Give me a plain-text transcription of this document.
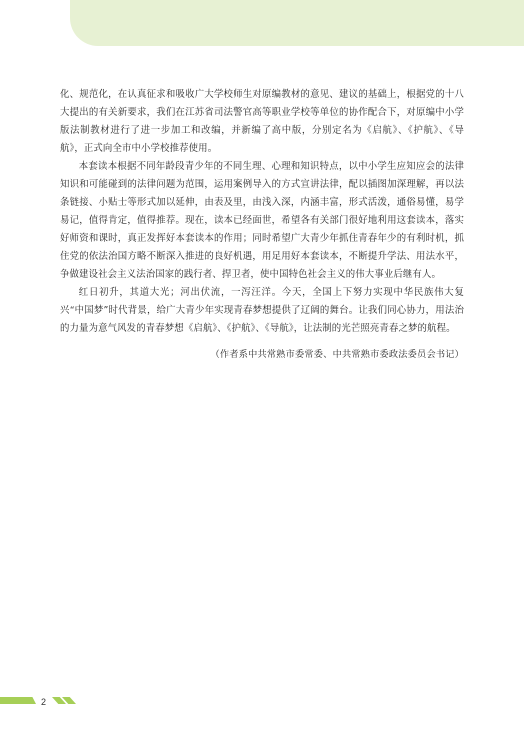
化、规范化，在认真征求和吸收广大学校师生对原编教材的意见、建议的基础上，根据党的十八大提出的有关新要求，我们在江苏省司法警官高等职业学校等单位的协作配合下，对原编中小学版法制教材进行了进一步加工和改编，并新编了高中版，分别定名为《启航》、《护航》、《导航》，正式向全市中小学校推荐使用。

本套读本根据不同年龄段青少年的不同生理、心理和知识特点，以中小学生应知应会的法律知识和可能碰到的法律问题为范围，运用案例导入的方式宣讲法律，配以插图加深理解，再以法条链接、小贴士等形式加以延伸，由表及里，由浅入深，内涵丰富，形式活泼，通俗易懂，易学易记，值得肯定，值得推荐。现在，读本已经面世，希望各有关部门很好地利用这套读本，落实好师资和课时，真正发挥好本套读本的作用；同时希望广大青少年抓住青春年少的有利时机，抓住党的依法治国方略不断深入推进的良好机遇，用足用好本套读本，不断提升学法、用法水平，争做建设社会主义法治国家的践行者、捍卫者，使中国特色社会主义的伟大事业后继有人。

红日初升，其道大光；河出伏流，一泻汪洋。今天，全国上下努力实现中华民族伟大复兴“中国梦”时代背景，给广大青少年实现青春梦想提供了辽阔的舞台。让我们同心协力，用法治的力量为意气风发的青春梦想《启航》、《护航》、《导航》，让法制的光芒照亮青春之梦的航程。

（作者系中共常熟市委常委、中共常熟市委政法委员会书记）

2
